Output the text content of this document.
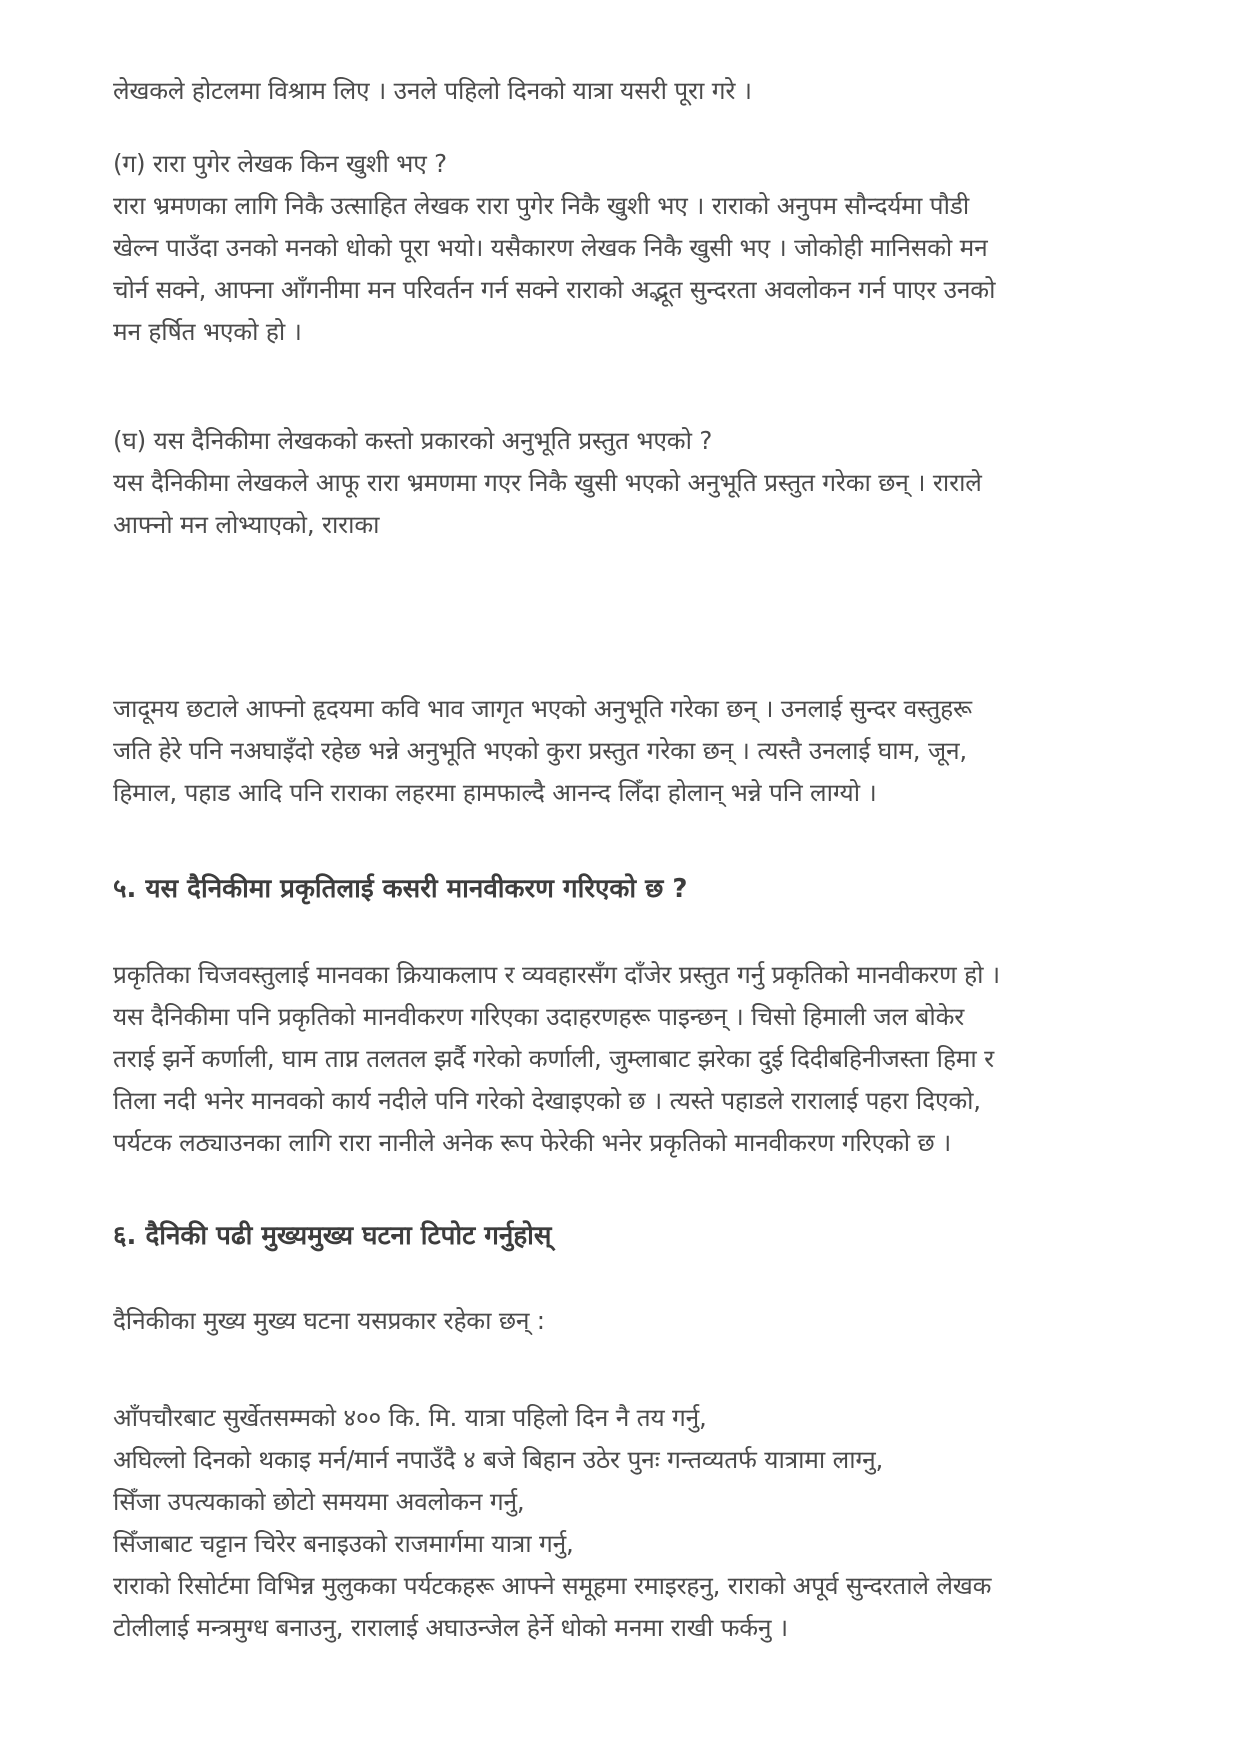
लेखकले होटलमा विश्राम लिए । उनले पहिलो दिनको यात्रा यसरी पूरा गरे ।
(ग) रारा पुगेर लेखक किन खुशी भए ?
रारा भ्रमणका लागि निकै उत्साहित लेखक रारा पुगेर निकै खुशी भए । राराको अनुपम सौन्दर्यमा पौडी
खेल्न पाउँदा उनको मनको धोको पूरा भयो। यसैकारण लेखक निकै खुसी भए । जोकोही मानिसको मन
चोर्न सक्ने, आफ्ना आँगनीमा मन परिवर्तन गर्न सक्ने राराको अद्भूत सुन्दरता अवलोकन गर्न पाएर उनको
मन हर्षित भएको हो ।
(घ) यस दैनिकीमा लेखकको कस्तो प्रकारको अनुभूति प्रस्तुत भएको ?
यस दैनिकीमा लेखकले आफू रारा भ्रमणमा गएर निकै खुसी भएको अनुभूति प्रस्तुत गरेका छन् । राराले
आफ्नो मन लोभ्याएको, राराका
जादूमय छटाले आफ्नो हृदयमा कवि भाव जागृत भएको अनुभूति गरेका छन् । उनलाई सुन्दर वस्तुहरू
जति हेरे पनि नअघाइँदो रहेछ भन्ने अनुभूति भएको कुरा प्रस्तुत गरेका छन् । त्यस्तै उनलाई घाम, जून,
हिमाल, पहाड आदि पनि राराका लहरमा हामफाल्दै आनन्द लिँदा होलान् भन्ने पनि लाग्यो ।
५. यस दैनिकीमा प्रकृतिलाई कसरी मानवीकरण गरिएको छ ?
प्रकृतिका चिजवस्तुलाई मानवका क्रियाकलाप र व्यवहारसँग दाँजेर प्रस्तुत गर्नु प्रकृतिको मानवीकरण हो ।
यस दैनिकीमा पनि प्रकृतिको मानवीकरण गरिएका उदाहरणहरू पाइन्छन् । चिसो हिमाली जल बोकेर
तराई झर्ने कर्णाली, घाम ताप्न तलतल झर्दै गरेको कर्णाली, जुम्लाबाट झरेका दुई दिदीबहिनीजस्ता हिमा र
तिला नदी भनेर मानवको कार्य नदीले पनि गरेको देखाइएको छ । त्यस्ते पहाडले रारालाई पहरा दिएको,
पर्यटक लठ्याउनका लागि रारा नानीले अनेक रूप फेरेकी भनेर प्रकृतिको मानवीकरण गरिएको छ ।
६. दैनिकी पढी मुख्यमुख्य घटना टिपोट गर्नुहोस्
दैनिकीका मुख्य मुख्य घटना यसप्रकार रहेका छन् :
आँपचौरबाट सुर्खेतसम्मको ४०० कि. मि. यात्रा पहिलो दिन नै तय गर्नु,
अघिल्लो दिनको थकाइ मर्न/मार्न नपाउँदै ४ बजे बिहान उठेर पुनः गन्तव्यतर्फ यात्रामा लाग्नु,
सिँजा उपत्यकाको छोटो समयमा अवलोकन गर्नु,
सिँजाबाट चट्टान चिरेर बनाइउको राजमार्गमा यात्रा गर्नु,
राराको रिसोर्टमा विभिन्न मुलुकका पर्यटकहरू आफ्ने समूहमा रमाइरहनु, राराको अपूर्व सुन्दरताले लेखक
टोलीलाई मन्त्रमुग्ध बनाउनु, रारालाई अघाउन्जेल हेर्ने धोको मनमा राखी फर्कनु ।
